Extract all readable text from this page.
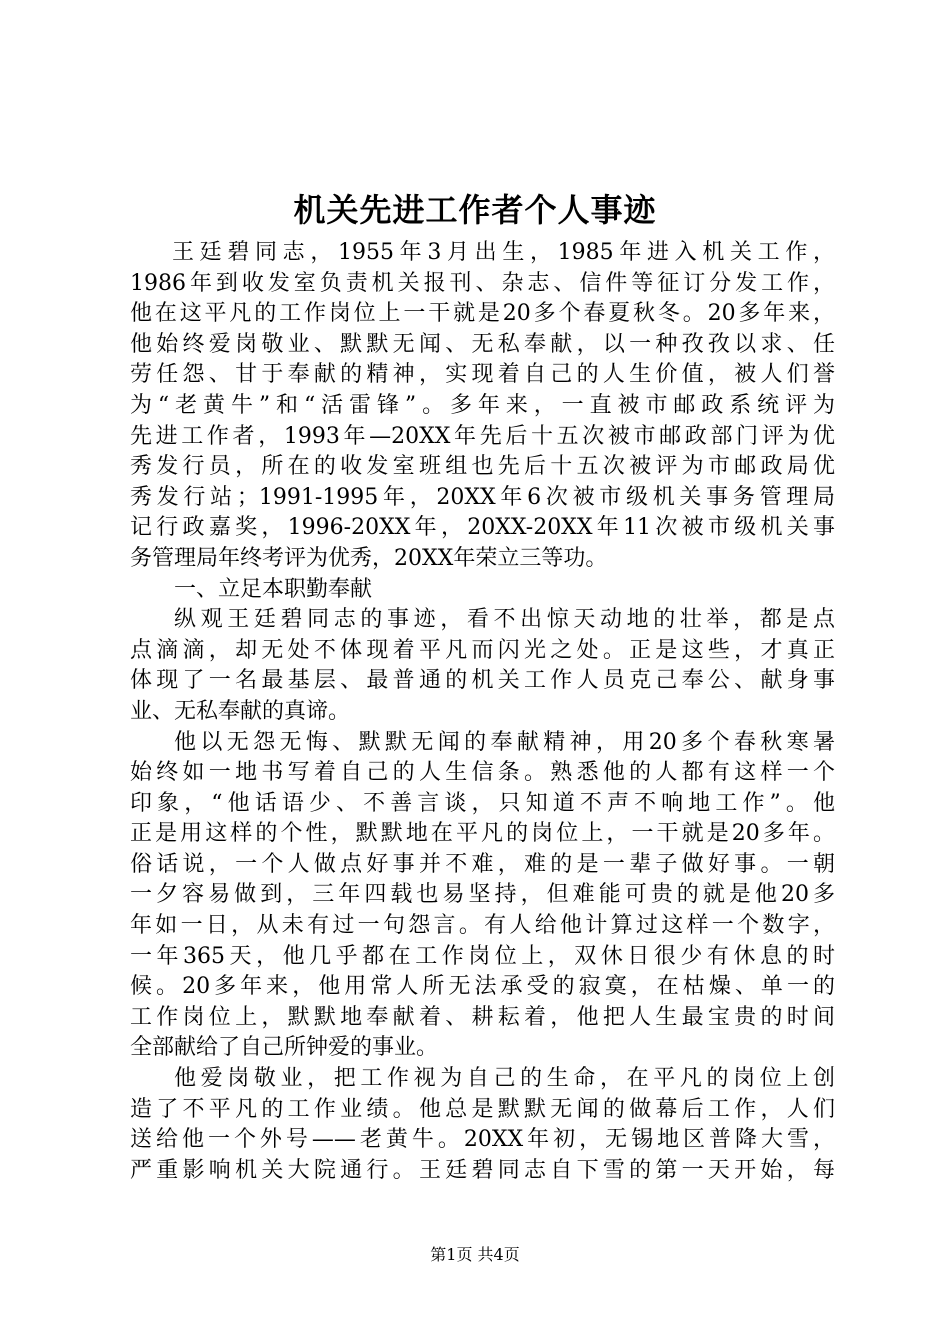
机关先进工作者个人事迹
王廷碧同志，1955年3月出生，1985年进入机关工作，
1986年到收发室负责机关报刊、杂志、信件等征订分发工作，
他在这平凡的工作岗位上一干就是20多个春夏秋冬。20多年来，
他始终爱岗敬业、默默无闻、无私奉献，以一种孜孜以求、任
劳任怨、甘于奉献的精神，实现着自己的人生价值，被人们誉
为“老黄牛”和“活雷锋”。多年来，一直被市邮政系统评为
先进工作者，1993年—20XX年先后十五次被市邮政部门评为优
秀发行员，所在的收发室班组也先后十五次被评为市邮政局优
秀发行站；1991-1995年，20XX年6次被市级机关事务管理局
记行政嘉奖，1996-20XX年，20XX-20XX年11次被市级机关事
务管理局年终考评为优秀，20XX年荣立三等功。
一、立足本职勤奉献
纵观王廷碧同志的事迹，看不出惊天动地的壮举，都是点
点滴滴，却无处不体现着平凡而闪光之处。正是这些，才真正
体现了一名最基层、最普通的机关工作人员克己奉公、献身事
业、无私奉献的真谛。
他以无怨无悔、默默无闻的奉献精神，用20多个春秋寒暑
始终如一地书写着自己的人生信条。熟悉他的人都有这样一个
印象，“他话语少、不善言谈，只知道不声不响地工作”。他
正是用这样的个性，默默地在平凡的岗位上，一干就是20多年。
俗话说，一个人做点好事并不难，难的是一辈子做好事。一朝
一夕容易做到，三年四载也易坚持，但难能可贵的就是他20多
年如一日，从未有过一句怨言。有人给他计算过这样一个数字，
一年365天，他几乎都在工作岗位上，双休日很少有休息的时
候。20多年来，他用常人所无法承受的寂寞，在枯燥、单一的
工作岗位上，默默地奉献着、耕耘着，他把人生最宝贵的时间
全部献给了自己所钟爱的事业。
他爱岗敬业，把工作视为自己的生命，在平凡的岗位上创
造了不平凡的工作业绩。他总是默默无闻的做幕后工作，人们
送给他一个外号——老黄牛。20XX年初，无锡地区普降大雪，
严重影响机关大院通行。王廷碧同志自下雪的第一天开始，每
第1页 共4页
